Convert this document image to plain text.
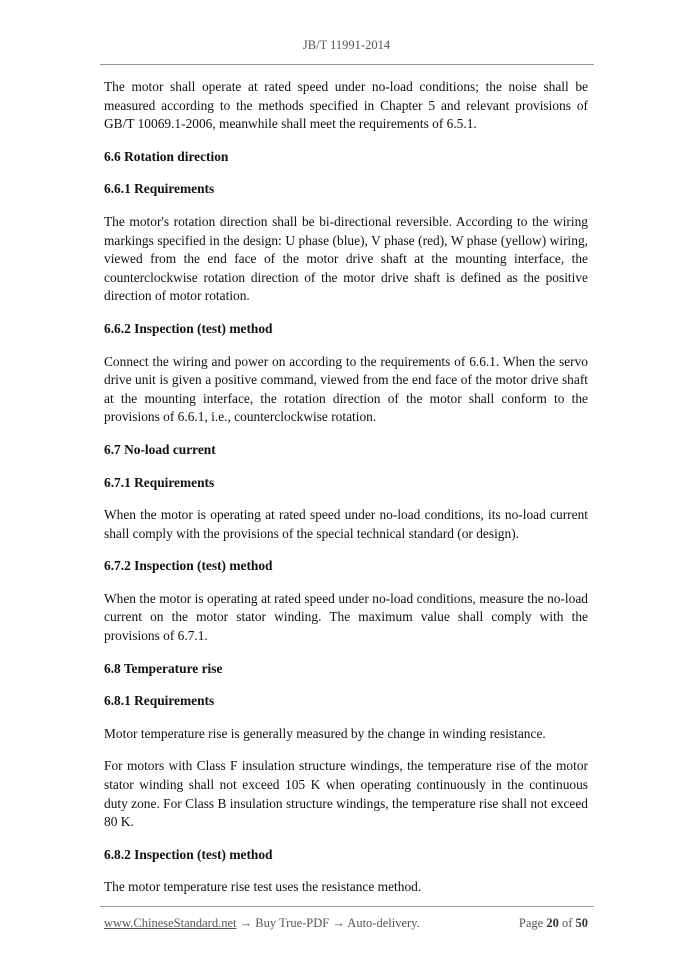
JB/T 11991-2014

The motor shall operate at rated speed under no-load conditions; the noise shall be measured according to the methods specified in Chapter 5 and relevant provisions of GB/T 10069.1-2006, meanwhile shall meet the requirements of 6.5.1.

6.6 Rotation direction

6.6.1 Requirements

The motor's rotation direction shall be bi-directional reversible. According to the wiring markings specified in the design: U phase (blue), V phase (red), W phase (yellow) wiring, viewed from the end face of the motor drive shaft at the mounting interface, the counterclockwise rotation direction of the motor drive shaft is defined as the positive direction of motor rotation.

6.6.2 Inspection (test) method

Connect the wiring and power on according to the requirements of 6.6.1. When the servo drive unit is given a positive command, viewed from the end face of the motor drive shaft at the mounting interface, the rotation direction of the motor shall conform to the provisions of 6.6.1, i.e., counterclockwise rotation.

6.7 No-load current

6.7.1 Requirements

When the motor is operating at rated speed under no-load conditions, its no-load current shall comply with the provisions of the special technical standard (or design).

6.7.2 Inspection (test) method

When the motor is operating at rated speed under no-load conditions, measure the no-load current on the motor stator winding. The maximum value shall comply with the provisions of 6.7.1.

6.8 Temperature rise

6.8.1 Requirements

Motor temperature rise is generally measured by the change in winding resistance.

For motors with Class F insulation structure windings, the temperature rise of the motor stator winding shall not exceed 105 K when operating continuously in the continuous duty zone. For Class B insulation structure windings, the temperature rise shall not exceed 80 K.

6.8.2 Inspection (test) method

The motor temperature rise test uses the resistance method.

www.ChineseStandard.net → Buy True-PDF → Auto-delivery.	Page 20 of 50
